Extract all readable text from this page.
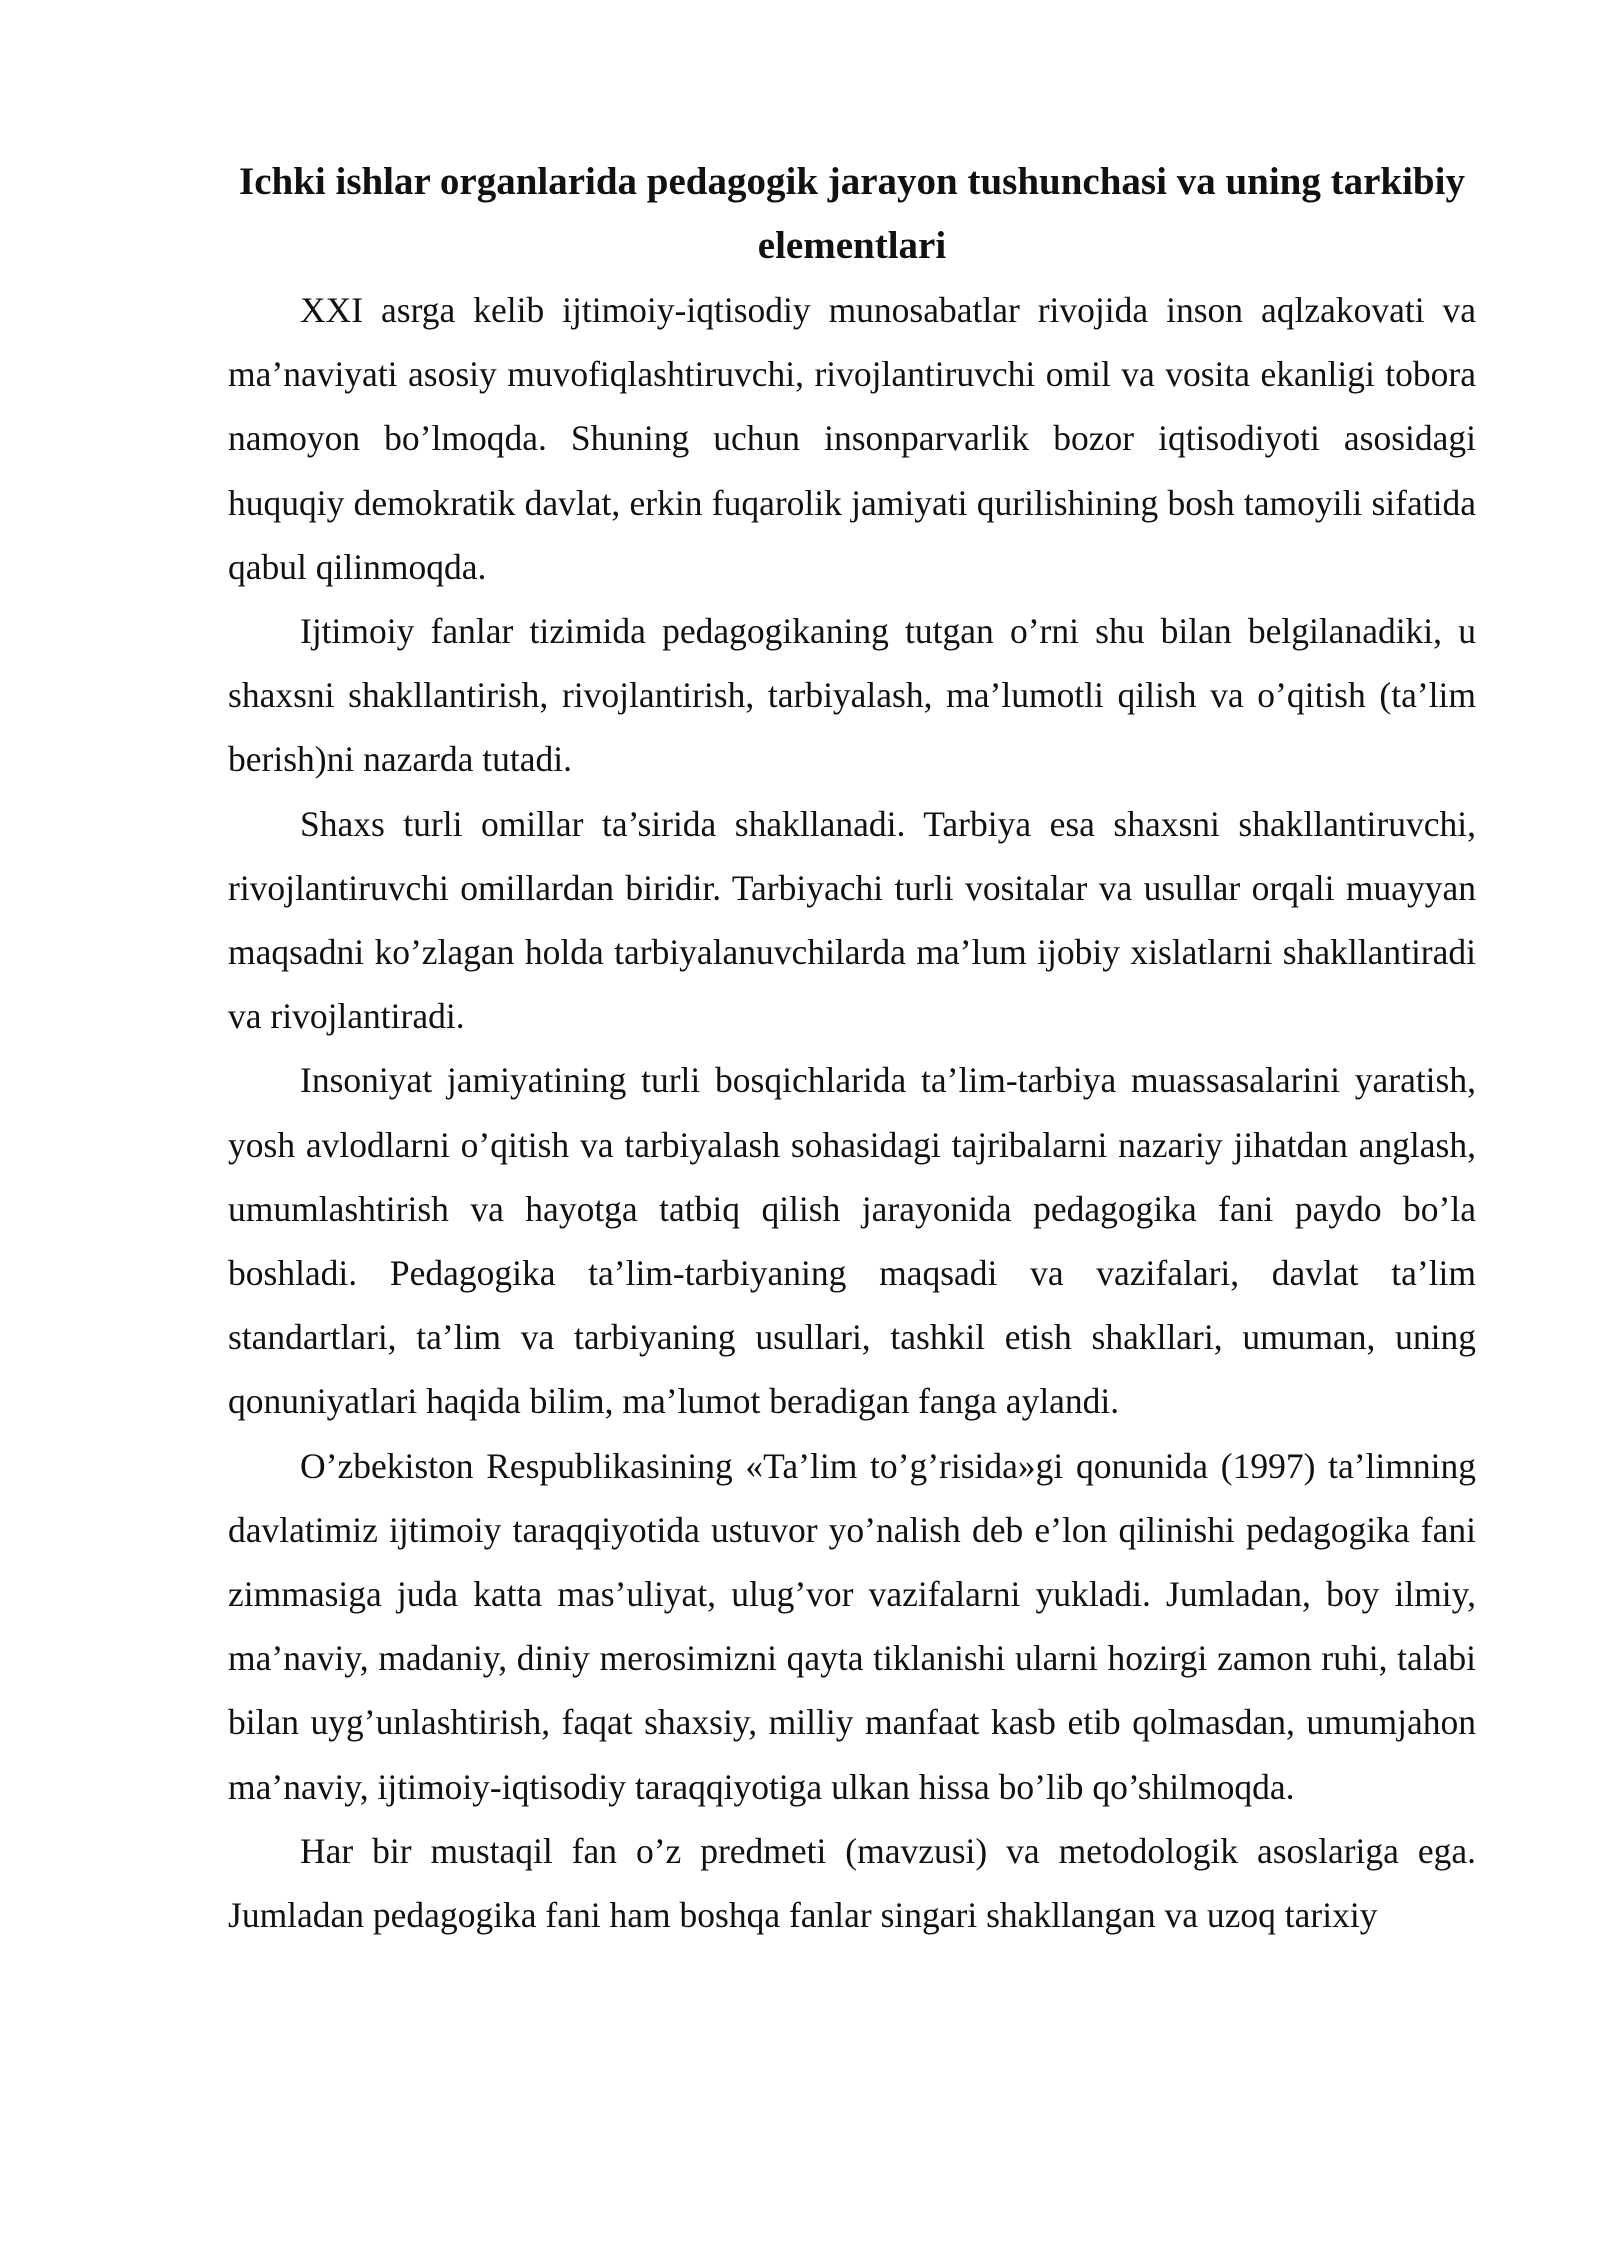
Ichki ishlar organlarida pedagogik jarayon tushunchasi va uning tarkibiy elementlari

XXI asrga kelib ijtimoiy-iqtisodiy munosabatlar rivojida inson aqlzakovati va ma’naviyati asosiy muvofiqlashtiruvchi, rivojlantiruvchi omil va vosita ekanligi tobora namoyon bo’lmoqda. Shuning uchun insonparvarlik bozor iqtisodiyoti asosidagi huquqiy demokratik davlat, erkin fuqarolik jamiyati qurilishining bosh tamoyili sifatida qabul qilinmoqda.

Ijtimoiy fanlar tizimida pedagogikaning tutgan o’rni shu bilan belgilanadiki, u shaxsni shakllantirish, rivojlantirish, tarbiyalash, ma’lumotli qilish va o’qitish (ta’lim berish)ni nazarda tutadi.

Shaxs turli omillar ta’sirida shakllanadi. Tarbiya esa shaxsni shakllantiruvchi, rivojlantiruvchi omillardan biridir. Tarbiyachi turli vositalar va usullar orqali muayyan maqsadni ko’zlagan holda tarbiyalanuvchilarda ma’lum ijobiy xislatlarni shakllantiradi va rivojlantiradi.

Insoniyat jamiyatining turli bosqichlarida ta’lim-tarbiya muassasalarini yaratish, yosh avlodlarni o’qitish va tarbiyalash sohasidagi tajribalarni nazariy jihatdan anglash, umumlashtirish va hayotga tatbiq qilish jarayonida pedagogika fani paydo bo’la boshladi. Pedagogika ta’lim-tarbiyaning maqsadi va vazifalari, davlat ta’lim standartlari, ta’lim va tarbiyaning usullari, tashkil etish shakllari, umuman, uning qonuniyatlari haqida bilim, ma’lumot beradigan fanga aylandi.

O’zbekiston Respublikasining «Ta’lim to’g’risida»gi qonunida (1997) ta’limning davlatimiz ijtimoiy taraqqiyotida ustuvor yo’nalish deb e’lon qilinishi pedagogika fani zimmasiga juda katta mas’uliyat, ulug’vor vazifalarni yukladi. Jumladan, boy ilmiy, ma’naviy, madaniy, diniy merosimizni qayta tiklanishi ularni hozirgi zamon ruhi, talabi bilan uyg’unlashtirish, faqat shaxsiy, milliy manfaat kasb etib qolmasdan, umumjahon ma’naviy, ijtimoiy-iqtisodiy taraqqiyotiga ulkan hissa bo’lib qo’shilmoqda.

Har bir mustaqil fan o’z predmeti (mavzusi) va metodologik asoslariga ega. Jumladan pedagogika fani ham boshqa fanlar singari shakllangan va uzoq tarixiy
